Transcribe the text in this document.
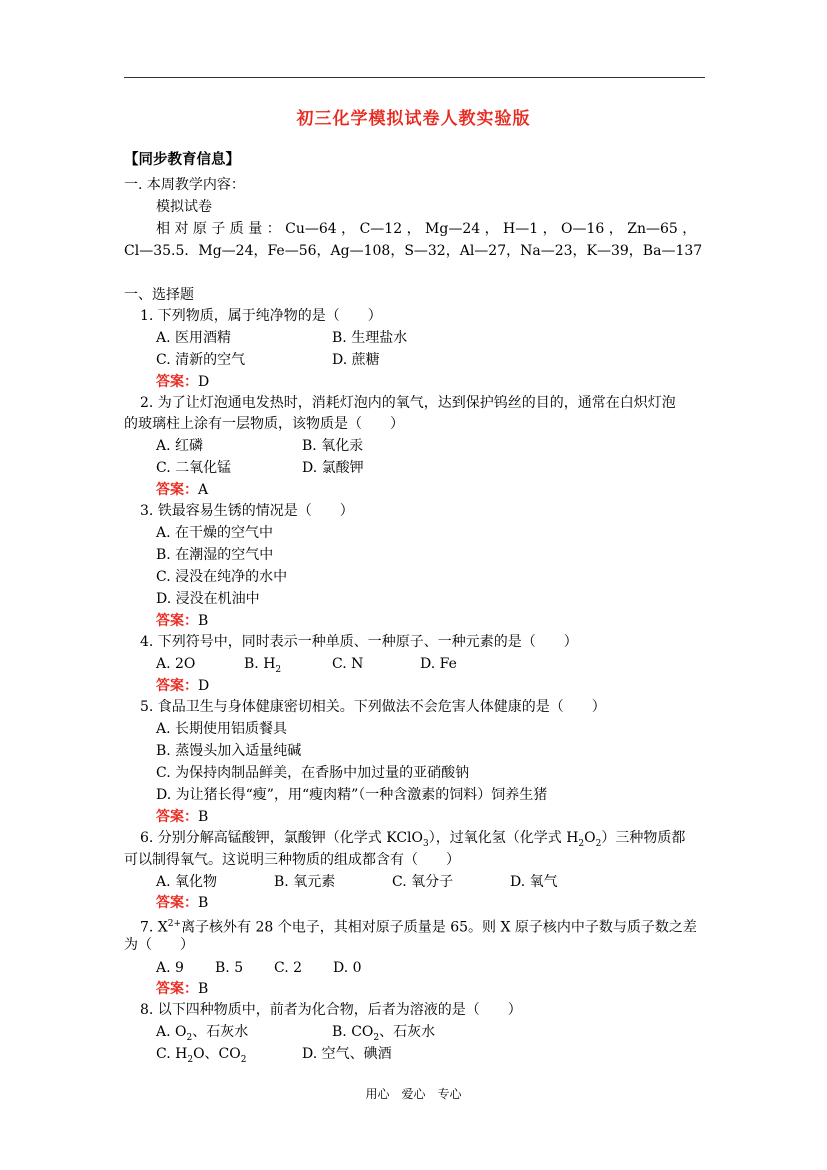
初三化学模拟试卷人教实验版
【同步教育信息】
一. 本周教学内容：
模拟试卷
相 对 原 子 质 量 ： Cu—64 ， C—12 ， Mg—24 ， H—1 ， O—16 ， Zn—65 ，
Cl—35.5．Mg—24，Fe—56，Ag—108，S—32，Al—27，Na—23，K—39，Ba—137
一、选择题
1. 下列物质，属于纯净物的是（　　）
A. 医用酒精	B. 生理盐水
C. 清新的空气	D. 蔗糖
答案：D
2. 为了让灯泡通电发热时，消耗灯泡内的氧气，达到保护钨丝的目的，通常在白炽灯泡
的玻璃柱上涂有一层物质，该物质是（　　）
A. 红磷	B. 氧化汞
C. 二氧化锰	D. 氯酸钾
答案：A
3. 铁最容易生锈的情况是（　　）
A. 在干燥的空气中
B. 在潮湿的空气中
C. 浸没在纯净的水中
D. 浸没在机油中
答案：B
4. 下列符号中，同时表示一种单质、一种原子、一种元素的是（　　）
A. 2O	B. $H_2$	C. N	D. Fe
答案：D
5. 食品卫生与身体健康密切相关。下列做法不会危害人体健康的是（　　）
A. 长期使用铝质餐具
B. 蒸馒头加入适量纯碱
C. 为保持肉制品鲜美，在香肠中加过量的亚硝酸钠
D. 为让猪长得“瘦”，用“瘦肉精”（一种含激素的饲料）饲养生猪
答案：B
6. 分别分解高锰酸钾，氯酸钾（化学式 KClO$_3$），过氧化氢（化学式 $H_2O_2$）三种物质都
可以制得氧气。这说明三种物质的组成都含有（　　）
A. 氧化物	B. 氧元素	C. 氧分子	D. 氧气
答案：B
7. $X^{2+}$离子核外有 28 个电子，其相对原子质量是 65。则 X 原子核内中子数与质子数之差
为（　　）
A. 9 B. 5 C. 2 D. 0
答案：B
8. 以下四种物质中，前者为化合物，后者为溶液的是（　　）
A. $O_2$、石灰水	B. $CO_2$、石灰水
C. $H_2O$、$CO_2$	D. 空气、碘酒
用心 爱心 专心
